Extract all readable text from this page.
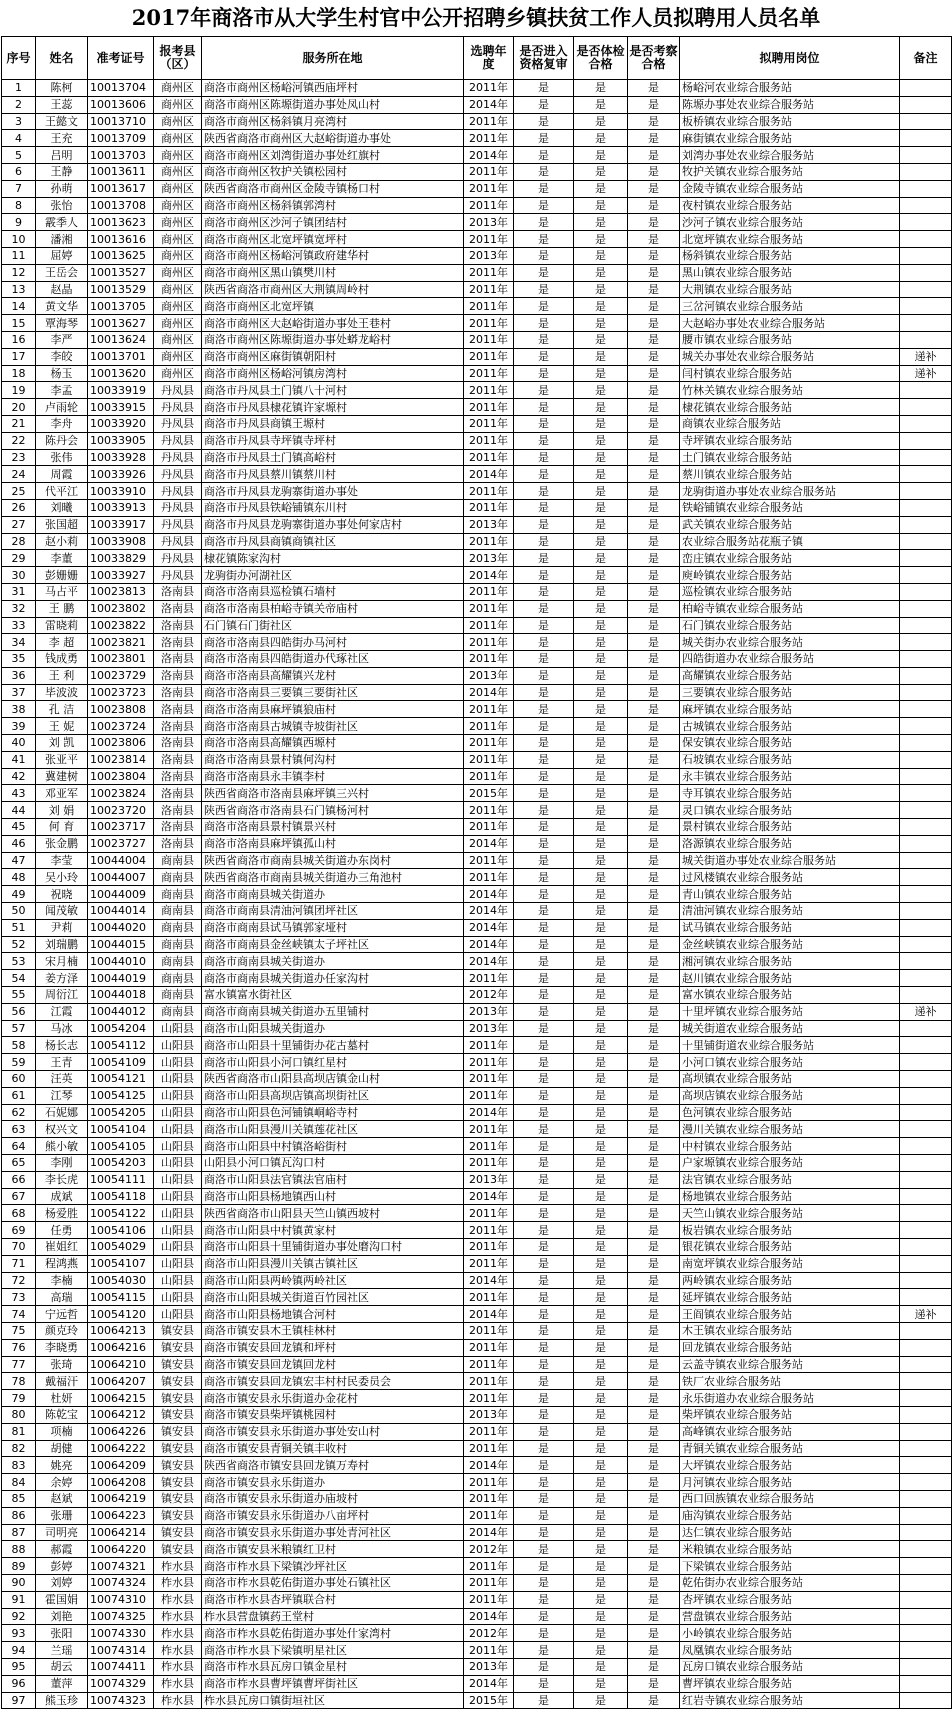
2017年商洛市从大学生村官中公开招聘乡镇扶贫工作人员拟聘用人员名单
序号	姓名	准考证号	报考县（区）	服务所在地	选聘年度	是否进入资格复审	是否体检合格	是否考察合格	拟聘用岗位	备注
1	陈柯	10013704	商州区	商洛市商州区杨峪河镇西庙坪村	2011年	是	是	是	杨峪河农业综合服务站	
2	王蕊	10013606	商州区	商洛市商州区陈塬街道办事处凤山村	2014年	是	是	是	陈塬办事处农业综合服务站	
3	王懿文	10013710	商州区	商洛市商州区杨斜镇月亮湾村	2011年	是	是	是	板桥镇农业综合服务站	
4	王充	10013709	商州区	陕西省商洛市商州区大赵峪街道办事处	2011年	是	是	是	麻街镇农业综合服务站	
5	吕明	10013703	商州区	商洛市商州区刘湾街道办事处红旗村	2014年	是	是	是	刘湾办事处农业综合服务站	
6	王静	10013611	商州区	商洛市商州区牧护关镇松园村	2011年	是	是	是	牧护关镇农业综合服务站	
7	孙萌	10013617	商州区	陕西省商洛市商州区金陵寺镇杨口村	2011年	是	是	是	金陵寺镇农业综合服务站	
8	张怡	10013708	商州区	商洛市商州区杨斜镇郭湾村	2011年	是	是	是	夜村镇农业综合服务站	
9	霰季人	10013623	商州区	商洛市商州区沙河子镇团结村	2013年	是	是	是	沙河子镇农业综合服务站	
10	潘湘	10013616	商州区	商洛市商州区北宽坪镇宽坪村	2011年	是	是	是	北宽坪镇农业综合服务站	
11	屈婷	10013625	商州区	商洛市商州区杨峪河镇政府建华村	2013年	是	是	是	杨斜镇农业综合服务站	
12	王岳会	10013527	商州区	商洛市商州区黑山镇樊川村	2011年	是	是	是	黑山镇农业综合服务站	
13	赵晶	10013529	商州区	陕西省商洛市商州区大荆镇周岭村	2011年	是	是	是	大荆镇农业综合服务站	
14	黄文华	10013705	商州区	商洛市商州区北宽坪镇	2011年	是	是	是	三岔河镇农业综合服务站	
15	覃海琴	10013627	商州区	商洛市商州区大赵峪街道办事处王巷村	2011年	是	是	是	大赵峪办事处农业综合服务站	
16	李严	10013624	商州区	商洛市商州区陈塬街道办事处蟒龙峪村	2011年	是	是	是	腰市镇农业综合服务站	
17	李皎	10013701	商州区	商洛市商州区麻街镇朝阳村	2011年	是	是	是	城关办事处农业综合服务站	递补
18	杨玉	10013620	商州区	商洛市商州区杨峪河镇房湾村	2011年	是	是	是	闫村镇农业综合服务站	递补
19	李孟	10033919	丹凤县	商洛市丹凤县土门镇八十河村	2011年	是	是	是	竹林关镇农业综合服务站	
20	卢雨轮	10033915	丹凤县	商洛市丹凤县棣花镇许家塬村	2011年	是	是	是	棣花镇农业综合服务站	
21	李舟	10033920	丹凤县	商洛市丹凤县商镇王塬村	2011年	是	是	是	商镇农业综合服务站	
22	陈丹会	10033905	丹凤县	商洛市丹凤县寺坪镇寺坪村	2011年	是	是	是	寺坪镇农业综合服务站	
23	张伟	10033928	丹凤县	商洛市丹凤县土门镇高峪村	2011年	是	是	是	土门镇农业综合服务站	
24	周霞	10033926	丹凤县	商洛市丹凤县蔡川镇蔡川村	2014年	是	是	是	蔡川镇农业综合服务站	
25	代平江	10033910	丹凤县	商洛市丹凤县龙驹寨街道办事处	2011年	是	是	是	龙驹街道办事处农业综合服务站	
26	刘曦	10033913	丹凤县	商洛市丹凤县铁峪铺镇东川村	2011年	是	是	是	铁峪铺镇农业综合服务站	
27	张国超	10033917	丹凤县	商洛市丹凤县龙驹寨街道办事处何家店村	2013年	是	是	是	武关镇农业综合服务站	
28	赵小莉	10033908	丹凤县	商洛市丹凤县商镇商镇社区	2011年	是	是	是	农业综合服务站花瓶子镇	
29	李董	10033829	丹凤县	棣花镇陈家沟村	2013年	是	是	是	峦庄镇农业综合服务站	
30	彭姗姗	10033927	丹凤县	龙驹街办河湖社区	2014年	是	是	是	庾岭镇农业综合服务站	
31	马占平	10023813	洛南县	商洛市洛南县巡检镇石墙村	2011年	是	是	是	巡检镇农业综合服务站	
32	王 鹏	10023802	洛南县	商洛市洛南县柏峪寺镇关帝庙村	2011年	是	是	是	柏峪寺镇农业综合服务站	
33	雷晓莉	10023822	洛南县	石门镇石门街社区	2011年	是	是	是	石门镇农业综合服务站	
34	李 超	10023821	洛南县	商洛市洛南县四皓街办马河村	2011年	是	是	是	城关街办农业综合服务站	
35	钱成勇	10023801	洛南县	商洛市洛南县四皓街道办代琢社区	2011年	是	是	是	四皓街道办农业综合服务站	
36	王 利	10023729	洛南县	商洛市洛南县高耀镇兴龙村	2013年	是	是	是	高耀镇农业综合服务站	
37	毕波波	10023723	洛南县	商洛市洛南县三要镇三要街社区	2014年	是	是	是	三要镇农业综合服务站	
38	孔 洁	10023808	洛南县	商洛市洛南县麻坪镇狼庙村	2011年	是	是	是	麻坪镇农业综合服务站	
39	王 妮	10023724	洛南县	商洛市洛南县古城镇寺坡街社区	2011年	是	是	是	古城镇农业综合服务站	
40	刘 凯	10023806	洛南县	商洛市洛南县高耀镇西塬村	2011年	是	是	是	保安镇农业综合服务站	
41	张亚平	10023814	洛南县	商洛市洛南县景村镇何沟村	2011年	是	是	是	石坡镇农业综合服务站	
42	冀建树	10023804	洛南县	商洛市洛南县永丰镇李村	2011年	是	是	是	永丰镇农业综合服务站	
43	邓亚军	10023824	洛南县	陕西省商洛市洛南县麻坪镇三兴村	2015年	是	是	是	寺耳镇农业综合服务站	
44	刘 娟	10023720	洛南县	陕西省商洛市洛南县石门镇杨河村	2011年	是	是	是	灵口镇农业综合服务站	
45	何 育	10023717	洛南县	商洛市洛南县景村镇景兴村	2011年	是	是	是	景村镇农业综合服务站	
46	张金鹏	10023727	洛南县	商洛市洛南县麻坪镇孤山村	2014年	是	是	是	洛源镇农业综合服务站	
47	李莹	10044004	商南县	陕西省商洛市商南县城关街道办东岗村	2011年	是	是	是	城关街道办事处农业综合服务站	
48	吴小玲	10044007	商南县	陕西省商洛市商南县城关街道办三角池村	2011年	是	是	是	过风楼镇农业综合服务站	
49	祝晓	10044009	商南县	商洛市商南县城关街道办	2014年	是	是	是	青山镇农业综合服务站	
50	闻茂敏	10044014	商南县	商洛市商南县清油河镇团坪社区	2014年	是	是	是	清油河镇农业综合服务站	
51	尹莉	10044020	商南县	商洛市商南县试马镇郭家垭村	2014年	是	是	是	试马镇农业综合服务站	
52	刘瑞鹏	10044015	商南县	商洛市商南县金丝峡镇太子坪社区	2014年	是	是	是	金丝峡镇农业综合服务站	
53	宋月楠	10044010	商南县	商洛市商南县城关街道办	2014年	是	是	是	湘河镇农业综合服务站	
54	姜方泽	10044019	商南县	商洛市商南县城关街道办任家沟村	2011年	是	是	是	赵川镇农业综合服务站	
55	周衍江	10044018	商南县	富水镇富水街社区	2012年	是	是	是	富水镇农业综合服务站	
56	江霞	10044012	商南县	商洛市商南县城关街道办五里铺村	2013年	是	是	是	十里坪镇农业综合服务站	递补
57	马冰	10054204	山阳县	商洛市山阳县城关街道办	2013年	是	是	是	城关街道农业综合服务站	
58	杨长志	10054112	山阳县	商洛市山阳县十里铺街办花古墓村	2011年	是	是	是	十里铺街道农业综合服务站	
59	王青	10054109	山阳县	商洛市山阳县小河口镇红星村	2011年	是	是	是	小河口镇农业综合服务站	
60	汪英	10054121	山阳县	陕西省商洛市山阳县高坝店镇金山村	2011年	是	是	是	高坝镇农业综合服务站	
61	江琴	10054125	山阳县	商洛市山阳县高坝店镇高坝街社区	2011年	是	是	是	高坝店镇农业综合服务站	
62	石妮娜	10054205	山阳县	商洛市山阳县色河铺镇峒峪寺村	2014年	是	是	是	色河镇农业综合服务站	
63	权兴文	10054104	山阳县	商洛市山阳县漫川关镇莲花社区	2011年	是	是	是	漫川关镇农业综合服务站	
64	熊小敏	10054105	山阳县	商洛市山阳县中村镇洛峪街村	2011年	是	是	是	中村镇农业综合服务站	
65	李刚	10054203	山阳县	山阳县小河口镇瓦沟口村	2011年	是	是	是	户家塬镇农业综合服务站	
66	李长虎	10054111	山阳县	商洛市山阳县法官镇法官庙村	2013年	是	是	是	法官镇农业综合服务站	
67	成斌	10054118	山阳县	商洛市山阳县杨地镇西山村	2014年	是	是	是	杨地镇农业综合服务站	
68	杨爱胜	10054122	山阳县	陕西省商洛市山阳县天竺山镇西坡村	2011年	是	是	是	天竺山镇农业综合服务站	
69	任勇	10054106	山阳县	商洛市山阳县中村镇黄家村	2011年	是	是	是	板岩镇农业综合服务站	
70	崔姐红	10054029	山阳县	商洛市山阳县十里铺街道办事处磨沟口村	2011年	是	是	是	银花镇农业综合服务站	
71	程鸿燕	10054107	山阳县	商洛市山阳县漫川关镇古镇社区	2011年	是	是	是	南宽坪镇农业综合服务站	
72	李楠	10054030	山阳县	商洛市山阳县两岭镇两岭社区	2014年	是	是	是	两岭镇农业综合服务站	
73	高瑞	10054115	山阳县	商洛市山阳县城关街道百竹园社区	2011年	是	是	是	延坪镇农业综合服务站	
74	宁远哲	10054120	山阳县	商洛市山阳县杨地镇合河村	2014年	是	是	是	王阎镇农业综合服务站	递补
75	颜克玲	10064213	镇安县	商洛市镇安县木王镇桂林村	2011年	是	是	是	木王镇农业综合服务站	
76	李晓勇	10064216	镇安县	商洛市镇安县回龙镇和坪村	2011年	是	是	是	回龙镇农业综合服务站	
77	张琦	10064210	镇安县	商洛市镇安县回龙镇回龙村	2011年	是	是	是	云盖寺镇农业综合服务站	
78	戴福汗	10064207	镇安县	商洛市镇安县回龙镇宏丰村村民委员会	2011年	是	是	是	铁厂农业综合服务站	
79	杜妍	10064215	镇安县	商洛市镇安县永乐街道办金花村	2011年	是	是	是	永乐街道办农业综合服务站	
80	陈乾宝	10064212	镇安县	商洛市镇安县柴坪镇桃园村	2013年	是	是	是	柴坪镇农业综合服务站	
81	项楠	10064226	镇安县	商洛市镇安县永乐街道办事处安山村	2011年	是	是	是	高峰镇农业综合服务站	
82	胡健	10064222	镇安县	商洛市镇安县青铜关镇丰收村	2011年	是	是	是	青铜关镇农业综合服务站	
83	姚亮	10064209	镇安县	陕西省商洛市镇安县回龙镇万寿村	2014年	是	是	是	大坪镇农业综合服务站	
84	余婷	10064208	镇安县	商洛市镇安县永乐街道办	2011年	是	是	是	月河镇农业综合服务站	
85	赵斌	10064219	镇安县	商洛市镇安县永乐街道办庙坡村	2011年	是	是	是	西口回族镇农业综合服务站	
86	张珊	10064223	镇安县	商洛市镇安县永乐街道办八亩坪村	2011年	是	是	是	庙沟镇农业综合服务站	
87	司明亮	10064214	镇安县	商洛市镇安县永乐街道办事处青河社区	2014年	是	是	是	达仁镇农业综合服务站	
88	郝霞	10064220	镇安县	商洛市镇安县米粮镇红卫村	2012年	是	是	是	米粮镇农业综合服务站	
89	彭婷	10074321	柞水县	商洛市柞水县下梁镇沙坪社区	2011年	是	是	是	下梁镇农业综合服务站	
90	刘婷	10074324	柞水县	商洛市柞水县乾佑街道办事处石镇社区	2011年	是	是	是	乾佑街办农业综合服务站	
91	霍国娟	10074310	柞水县	商洛市柞水县杏坪镇联合村	2011年	是	是	是	杏坪镇农业综合服务站	
92	刘艳	10074325	柞水县	柞水县营盘镇药王堂村	2014年	是	是	是	营盘镇农业综合服务站	
93	张阳	10074330	柞水县	商洛市柞水县乾佑街道办事处什家湾村	2012年	是	是	是	小岭镇农业综合服务站	
94	兰瑶	10074314	柞水县	商洛市柞水县下梁镇明星社区	2011年	是	是	是	凤凰镇农业综合服务站	
95	胡云	10074411	柞水县	商洛市柞水县瓦房口镇金星村	2013年	是	是	是	瓦房口镇农业综合服务站	
96	董萍	10074329	柞水县	商洛市柞水县曹坪镇曹坪街社区	2014年	是	是	是	曹坪镇农业综合服务站	
97	熊玉珍	10074323	柞水县	柞水县瓦房口镇街垣社区	2015年	是	是	是	红岩寺镇农业综合服务站	
